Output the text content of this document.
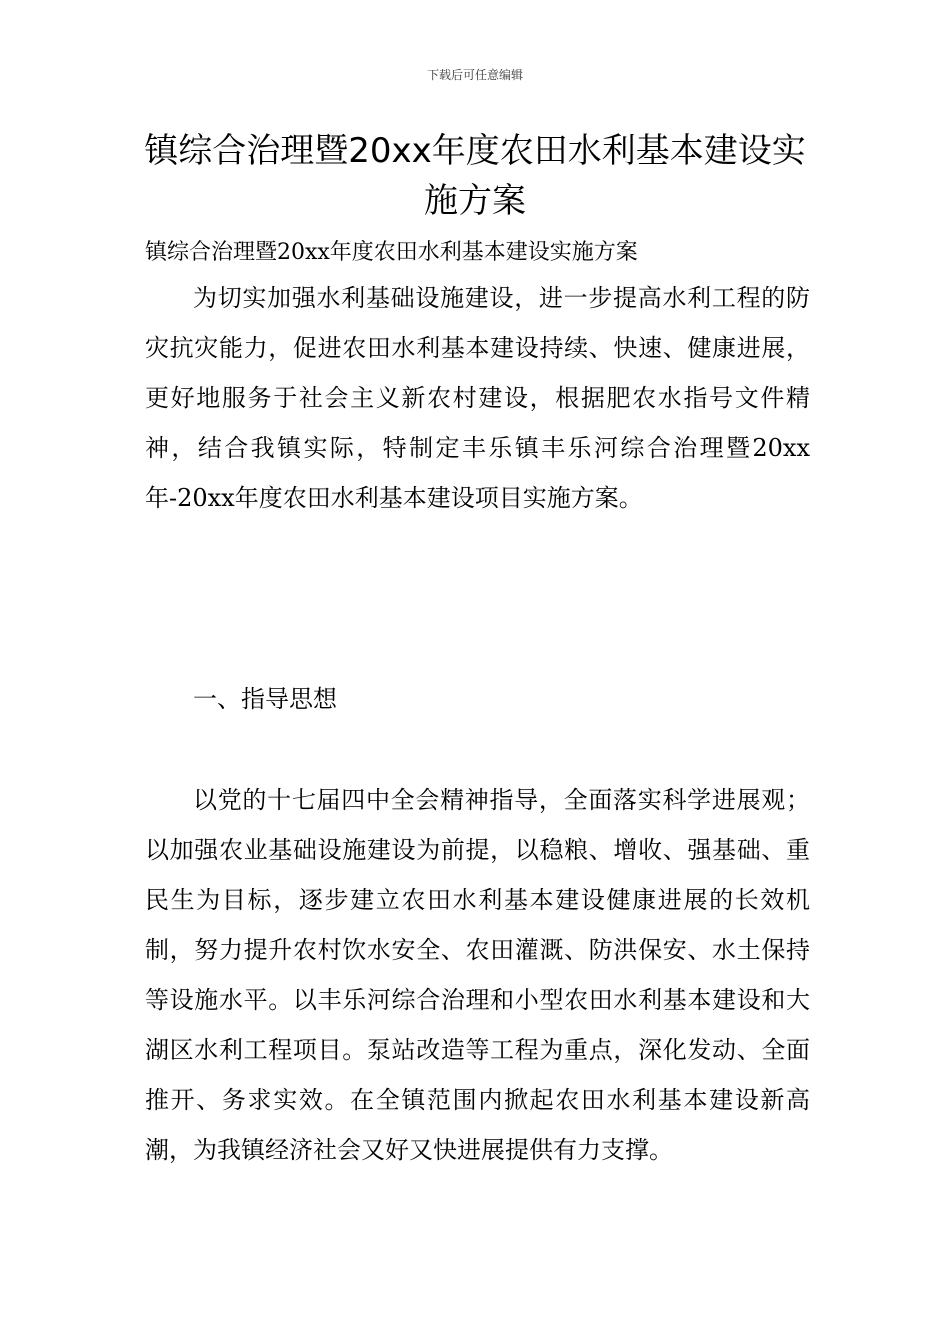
下载后可任意编辑
镇综合治理暨20xx年度农田水利基本建设实施方案

镇综合治理暨20xx年度农田水利基本建设实施方案

为切实加强水利基础设施建设，进一步提高水利工程的防灾抗灾能力，促进农田水利基本建设持续、快速、健康进展，更好地服务于社会主义新农村建设，根据肥农水指号文件精神，结合我镇实际，特制定丰乐镇丰乐河综合治理暨20xx年-20xx年度农田水利基本建设项目实施方案。

一、指导思想

以党的十七届四中全会精神指导，全面落实科学进展观；以加强农业基础设施建设为前提，以稳粮、增收、强基础、重民生为目标，逐步建立农田水利基本建设健康进展的长效机制，努力提升农村饮水安全、农田灌溉、防洪保安、水土保持等设施水平。以丰乐河综合治理和小型农田水利基本建设和大湖区水利工程项目。泵站改造等工程为重点，深化发动、全面推开、务求实效。在全镇范围内掀起农田水利基本建设新高潮，为我镇经济社会又好又快进展提供有力支撑。
